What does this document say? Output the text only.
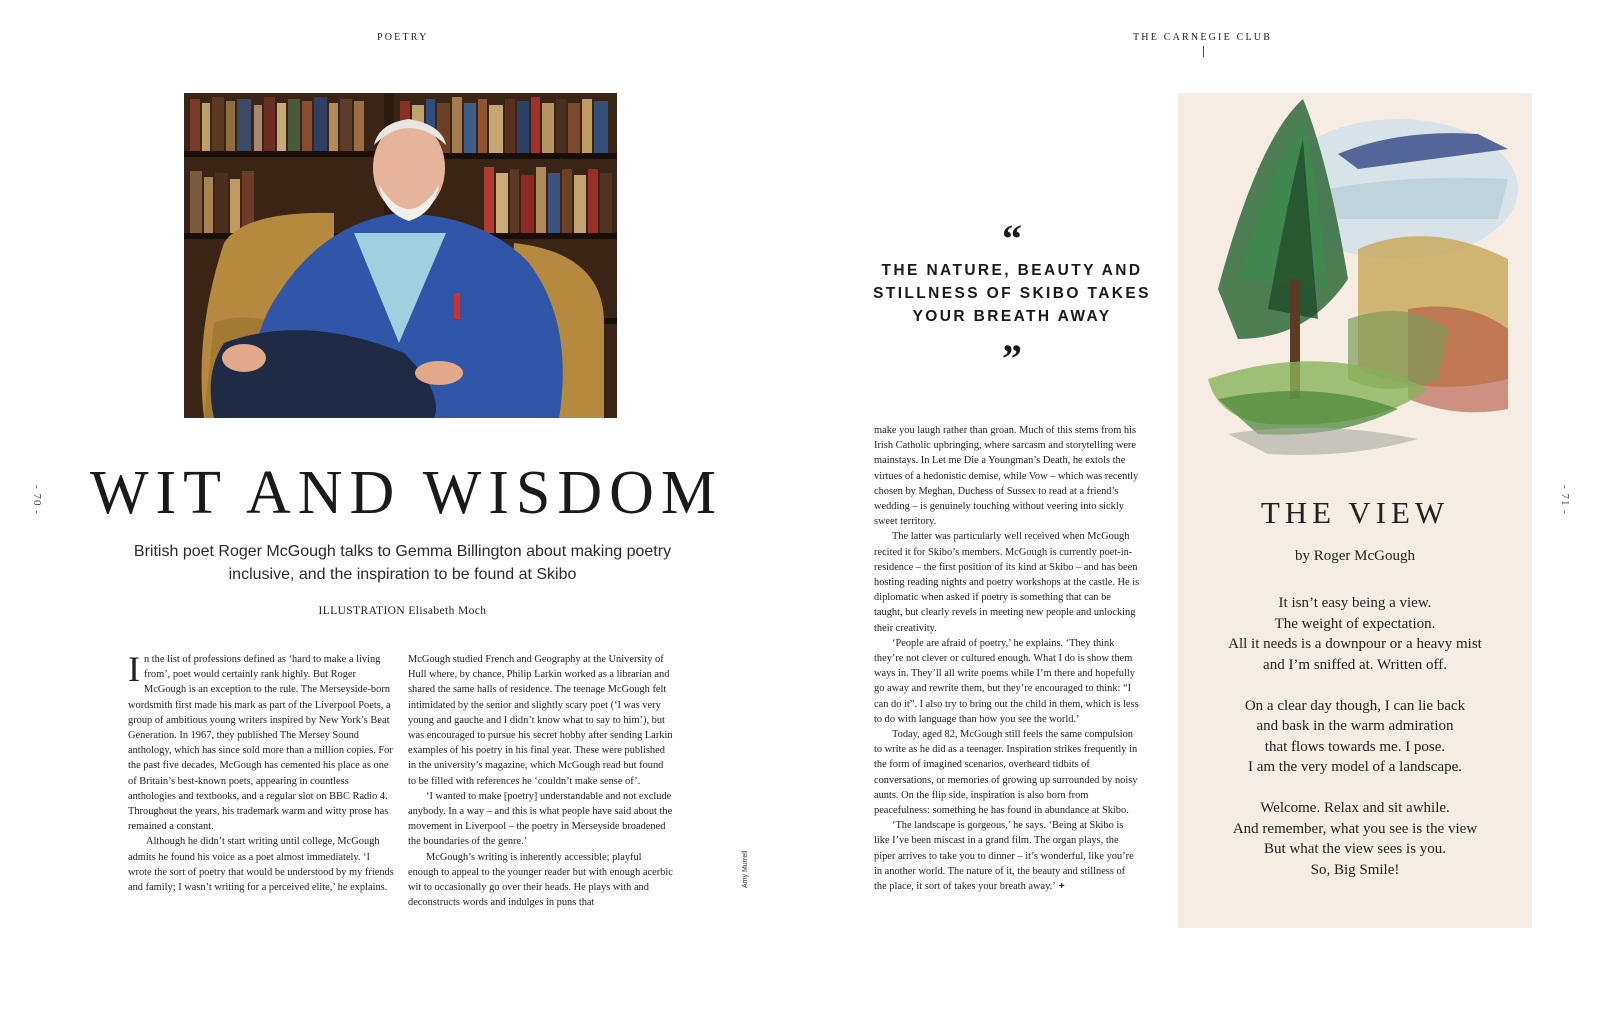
POETRY	THE CARNEGIE CLUB
- 70 -	- 71 -
Amy Murrell
WIT AND WISDOM
British poet Roger McGough talks to Gemma Billington about making poetry inclusive, and the inspiration to be found at Skibo
ILLUSTRATION Elisabeth Moch

In the list of professions defined as ‘hard to make a living from’, poet would certainly rank highly. But Roger McGough is an exception to the rule. The Merseyside-born wordsmith first made his mark as part of the Liverpool Poets, a group of ambitious young writers inspired by New York’s Beat Generation. In 1967, they published The Mersey Sound anthology, which has since sold more than a million copies. For the past five decades, McGough has cemented his place as one of Britain’s best-known poets, appearing in countless anthologies and textbooks, and a regular slot on BBC Radio 4. Throughout the years, his trademark warm and witty prose has remained a constant.

Although he didn’t start writing until college, McGough admits he found his voice as a poet almost immediately. ‘I wrote the sort of poetry that would be understood by my friends and family; I wasn’t writing for a perceived elite,’ he explains.

McGough studied French and Geography at the University of Hull where, by chance, Philip Larkin worked as a librarian and shared the same halls of residence. The teenage McGough felt intimidated by the senior and slightly scary poet (‘I was very young and gauche and I didn’t know what to say to him’), but was encouraged to pursue his secret hobby after sending Larkin examples of his poetry in his final year. These were published in the university’s magazine, which McGough read but found to be filled with references he ‘couldn’t make sense of’.

‘I wanted to make [poetry] understandable and not exclude anybody. In a way – and this is what people have said about the movement in Liverpool – the poetry in Merseyside broadened the boundaries of the genre.’

McGough’s writing is inherently accessible; playful enough to appeal to the younger reader but with enough acerbic wit to occasionally go over their heads. He plays with and deconstructs words and indulges in puns that

“
THE NATURE, BEAUTY AND STILLNESS OF SKIBO TAKES YOUR BREATH AWAY
”

make you laugh rather than groan. Much of this stems from his Irish Catholic upbringing, where sarcasm and storytelling were mainstays. In Let me Die a Youngman’s Death, he extols the virtues of a hedonistic demise, while Vow – which was recently chosen by Meghan, Duchess of Sussex to read at a friend’s wedding – is genuinely touching without veering into sickly sweet territory.

The latter was particularly well received when McGough recited it for Skibo’s members. McGough is currently poet-in-residence – the first position of its kind at Skibo – and has been hosting reading nights and poetry workshops at the castle. He is diplomatic when asked if poetry is something that can be taught, but clearly revels in meeting new people and unlocking their creativity.

‘People are afraid of poetry,’ he explains. ‘They think they’re not clever or cultured enough. What I do is show them ways in. They’ll all write poems while I’m there and hopefully go away and rewrite them, but they’re encouraged to think: “I can do it”. I also try to bring out the child in them, which is less to do with language than how you see the world.’

Today, aged 82, McGough still feels the same compulsion to write as he did as a teenager. Inspiration strikes frequently in the form of imagined scenarios, overheard tidbits of conversations, or memories of growing up surrounded by noisy aunts. On the flip side, inspiration is also born from peacefulness: something he has found in abundance at Skibo.

‘The landscape is gorgeous,’ he says. ‘Being at Skibo is like I’ve been miscast in a grand film. The organ plays, the piper arrives to take you to dinner – it’s wonderful, like you’re in another world. The nature of it, the beauty and stillness of the place, it sort of takes your breath away.’ +

THE VIEW
by Roger McGough
It isn’t easy being a view.
The weight of expectation.
All it needs is a downpour or a heavy mist
and I’m sniffed at. Written off.
On a clear day though, I can lie back
and bask in the warm admiration
that flows towards me. I pose.
I am the very model of a landscape.
Welcome. Relax and sit awhile.
And remember, what you see is the view
But what the view sees is you.
So, Big Smile!
